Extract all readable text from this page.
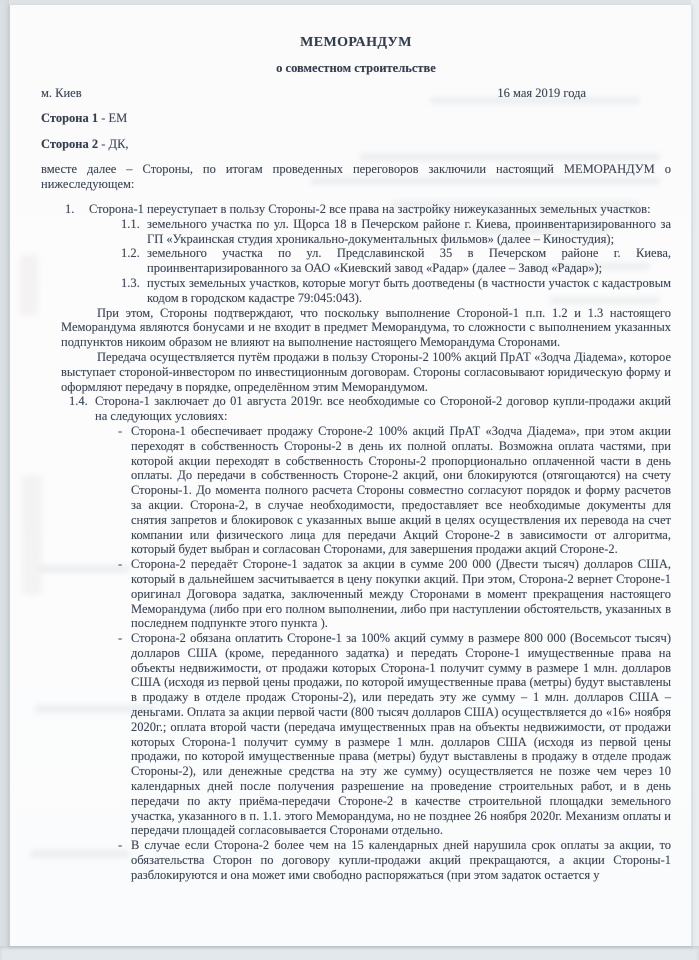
МЕМОРАНДУМ
о совместном строительстве
м. Киев	16 мая 2019 года

Сторона 1 - ЕМ

Сторона 2 - ДК,

вместе далее – Стороны, по итогам проведенных переговоров заключили настоящий МЕМОРАНДУМ о нижеследующем:

1. Сторона-1 переуступает в пользу Стороны-2 все права на застройку нижеуказанных земельных участков:

1.1. земельного участка по ул. Щорса 18 в Печерском районе г. Киева, проинвентаризированного за ГП «Украинская студия хроникально-документальных фильмов» (далее – Киностудия);

1.2. земельного участка по ул. Предславинской 35 в Печерском районе г. Киева, проинвентаризированного за ОАО «Киевский завод «Радар» (далее – Завод «Радар»);

1.3. пустых земельных участков, которые могут быть доотведены (в частности участок с кадастровым кодом в городском кадастре 79:045:043).

При этом, Стороны подтверждают, что поскольку выполнение Стороной-1 п.п. 1.2 и 1.3 настоящего Меморандума являются бонусами и не входит в предмет Меморандума, то сложности с выполнением указанных подпунктов никоим образом не влияют на выполнение настоящего Меморандума Сторонами.

Передача осуществляется путём продажи в пользу Стороны-2 100% акций ПрАТ «Зодча Діадема», которое выступает стороной-инвестором по инвестиционным договорам. Стороны согласовывают юридическую форму и оформляют передачу в порядке, определённом этим Меморандумом.

1.4. Сторона-1 заключает до 01 августа 2019г. все необходимые со Стороной-2 договор купли-продажи акций на следующих условиях:

- Сторона-1 обеспечивает продажу Стороне-2 100% акций ПрАТ «Зодча Діадема», при этом акции переходят в собственность Стороны-2 в день их полной оплаты. Возможна оплата частями, при которой акции переходят в собственность Стороны-2 пропорционально оплаченной части в день оплаты. До передачи в собственность Стороне-2 акций, они блокируются (отягощаются) на счету Стороны-1. До момента полного расчета Стороны совместно согласуют порядок и форму расчетов за акции. Сторона-2, в случае необходимости, предоставляет все необходимые документы для снятия запретов и блокировок с указанных выше акций в целях осуществления их перевода на счет компании или физического лица для передачи Акций Стороне-2 в зависимости от алгоритма, который будет выбран и согласован Сторонами, для завершения продажи акций Стороне-2.

- Сторона-2 передаёт Стороне-1 задаток за акции в сумме 200 000 (Двести тысяч) долларов США, который в дальнейшем засчитывается в цену покупки акций. При этом, Сторона-2 вернет Стороне-1 оригинал Договора задатка, заключенный между Сторонами в момент прекращения настоящего Меморандума (либо при его полном выполнении, либо при наступлении обстоятельств, указанных в последнем подпункте этого пункта ).

- Сторона-2 обязана оплатить Стороне-1 за 100% акций сумму в размере 800 000 (Восемьсот тысяч) долларов США (кроме, переданного задатка) и передать Стороне-1 имущественные права на объекты недвижимости, от продажи которых Сторона-1 получит сумму в размере 1 млн. долларов США (исходя из первой цены продажи, по которой имущественные права (метры) будут выставлены в продажу в отделе продаж Стороны-2), или передать эту же сумму – 1 млн. долларов США – деньгами. Оплата за акции первой части (800 тысяч долларов США) осуществляется до «16» ноября 2020г.; оплата второй части (передача имущественных прав на объекты недвижимости, от продажи которых Сторона-1 получит сумму в размере 1 млн. долларов США (исходя из первой цены продажи, по которой имущественные права (метры) будут выставлены в продажу в отделе продаж Стороны-2), или денежные средства на эту же сумму) осуществляется не позже чем через 10 календарных дней после получения разрешение на проведение строительных работ, и в день передачи по акту приёма-передачи Стороне-2 в качестве строительной площадки земельного участка, указанного в п. 1.1. этого Меморандума, но не позднее 26 ноября 2020г. Механизм оплаты и передачи площадей согласовывается Сторонами отдельно.

- В случае если Сторона-2 более чем на 15 календарных дней нарушила срок оплаты за акции, то обязательства Сторон по договору купли-продажи акций прекращаются, а акции Стороны-1 разблокируются и она может ими свободно распоряжаться (при этом задаток остается у
